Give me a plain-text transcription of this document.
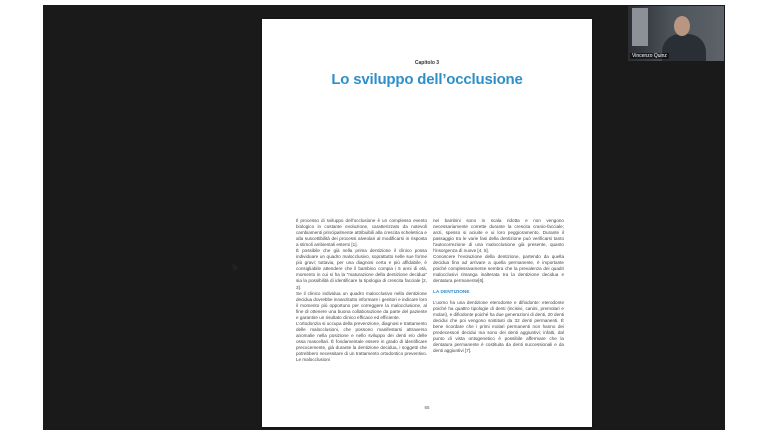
Capitolo 3
Lo sviluppo dell’occlusione

Il processo di sviluppo dell’occlusione è un complesso evento biologico in costante evoluzione, caratterizzato da notevoli cambiamenti principalmente attribuibili alla crescita scheletrica e alla suscettibilità dei processi alveolari al modificarsi in risposta a stimoli ambientali esterni [1].

È possibile che già nella prima dentizione il clinico possa individuare un quadro malocclusivo, soprattutto nelle sue forme più gravi; tuttavia, per una diagnosi certa e più affidabile, è consigliabile attendere che il bambino compia i 5 anni di età, momento in cui si ha la “maturazione della dentizione decidua” sia la possibilità di identificare la tipologia di crescita facciale [2, 3].

Se il clinico individua un quadro malocclusivo nella dentizione decidua dovrebbe innanzitutto informare i genitori e indicare loro il momento più opportuno per correggere la malocclusione, al fine di ottenere una buona collaborazione da parte del paziente e garantire un risultato clinico efficace ed efficiente.

L’ortodonzia si occupa della prevenzione, diagnosi e trattamento delle malocclusioni, che possono manifestarsi attraverso anomalie nella posizione e nello sviluppo dei denti e/o delle ossa mascellari. È fondamentale essere in grado di identificare precocemente, già durante la dentizione decidua, i soggetti che potrebbero necessitare di un trattamento ortodontico preventivo. Le malocclusioni

nei bambini sono in scala ridotta e non vengono necessariamente corrette durante la crescita cranio-facciale; anzi, spesso si aciuite e ui loro peggioramento. Durante il passaggio tra le varie fasi della dentizione può verificarsi tanto l’autocorrezione di una malocclusione già presente, quanto l’insorgenza di nuove [4, 5].

Conoscere l’evoluzione della dentizione, partendo da quella decidua fino ad arrivare a quella permanente, è importante poiché complessivamente sembra che la prevalenza dei quadri malocclusivi rimanga inalterata tra la dentizione decidua e dentatura permanente[6].

LA DENTIZIONE

L’uomo ha una dentizione eterodonte e difiodonte: eterodonte poiché ha quattro tipologie di denti (incisivi, canini, premolari e molari), e difiodonte poiché ha due generazioni di denti, 20 denti decidui che poi vengono sostituiti da 32 denti permanenti. È bene ricordare che i primi molari permanenti non hanno dei predecessori decidui ma sono dei denti aggiuntivi; infatti, dal punto di vista ontogenetico è possibile affermare che la dentatura permanente è costituita da denti successionali e da denti aggiuntivi [7].

65
Vincenzo Quinz
